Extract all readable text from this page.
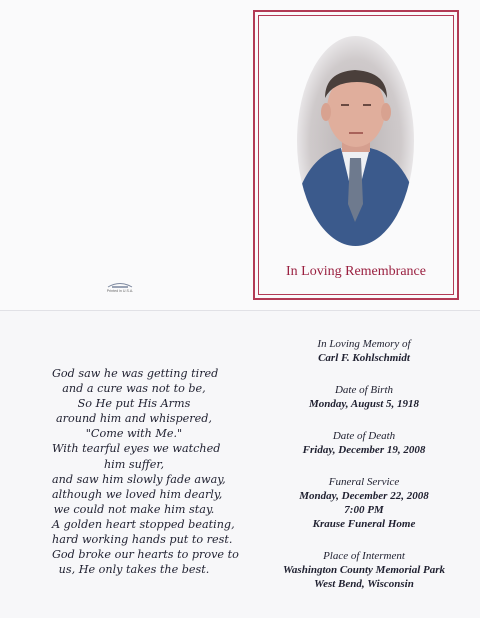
In Loving Remembrance
Printed in U.S.A.
God saw he was getting tired
and a cure was not to be,
So He put His Arms
around him and whispered,
"Come with Me."
With tearful eyes we watched
him suffer,
and saw him slowly fade away,
although we loved him dearly,
we could not make him stay.
A golden heart stopped beating,
hard working hands put to rest.
God broke our hearts to prove to
us, He only takes the best.
In Loving Memory of
Carl F. Kohlschmidt
Date of Birth
Monday, August 5, 1918
Date of Death
Friday, December 19, 2008
Funeral Service
Monday, December 22, 2008
7:00 PM
Krause Funeral Home
Place of Interment
Washington County Memorial Park
West Bend, Wisconsin
